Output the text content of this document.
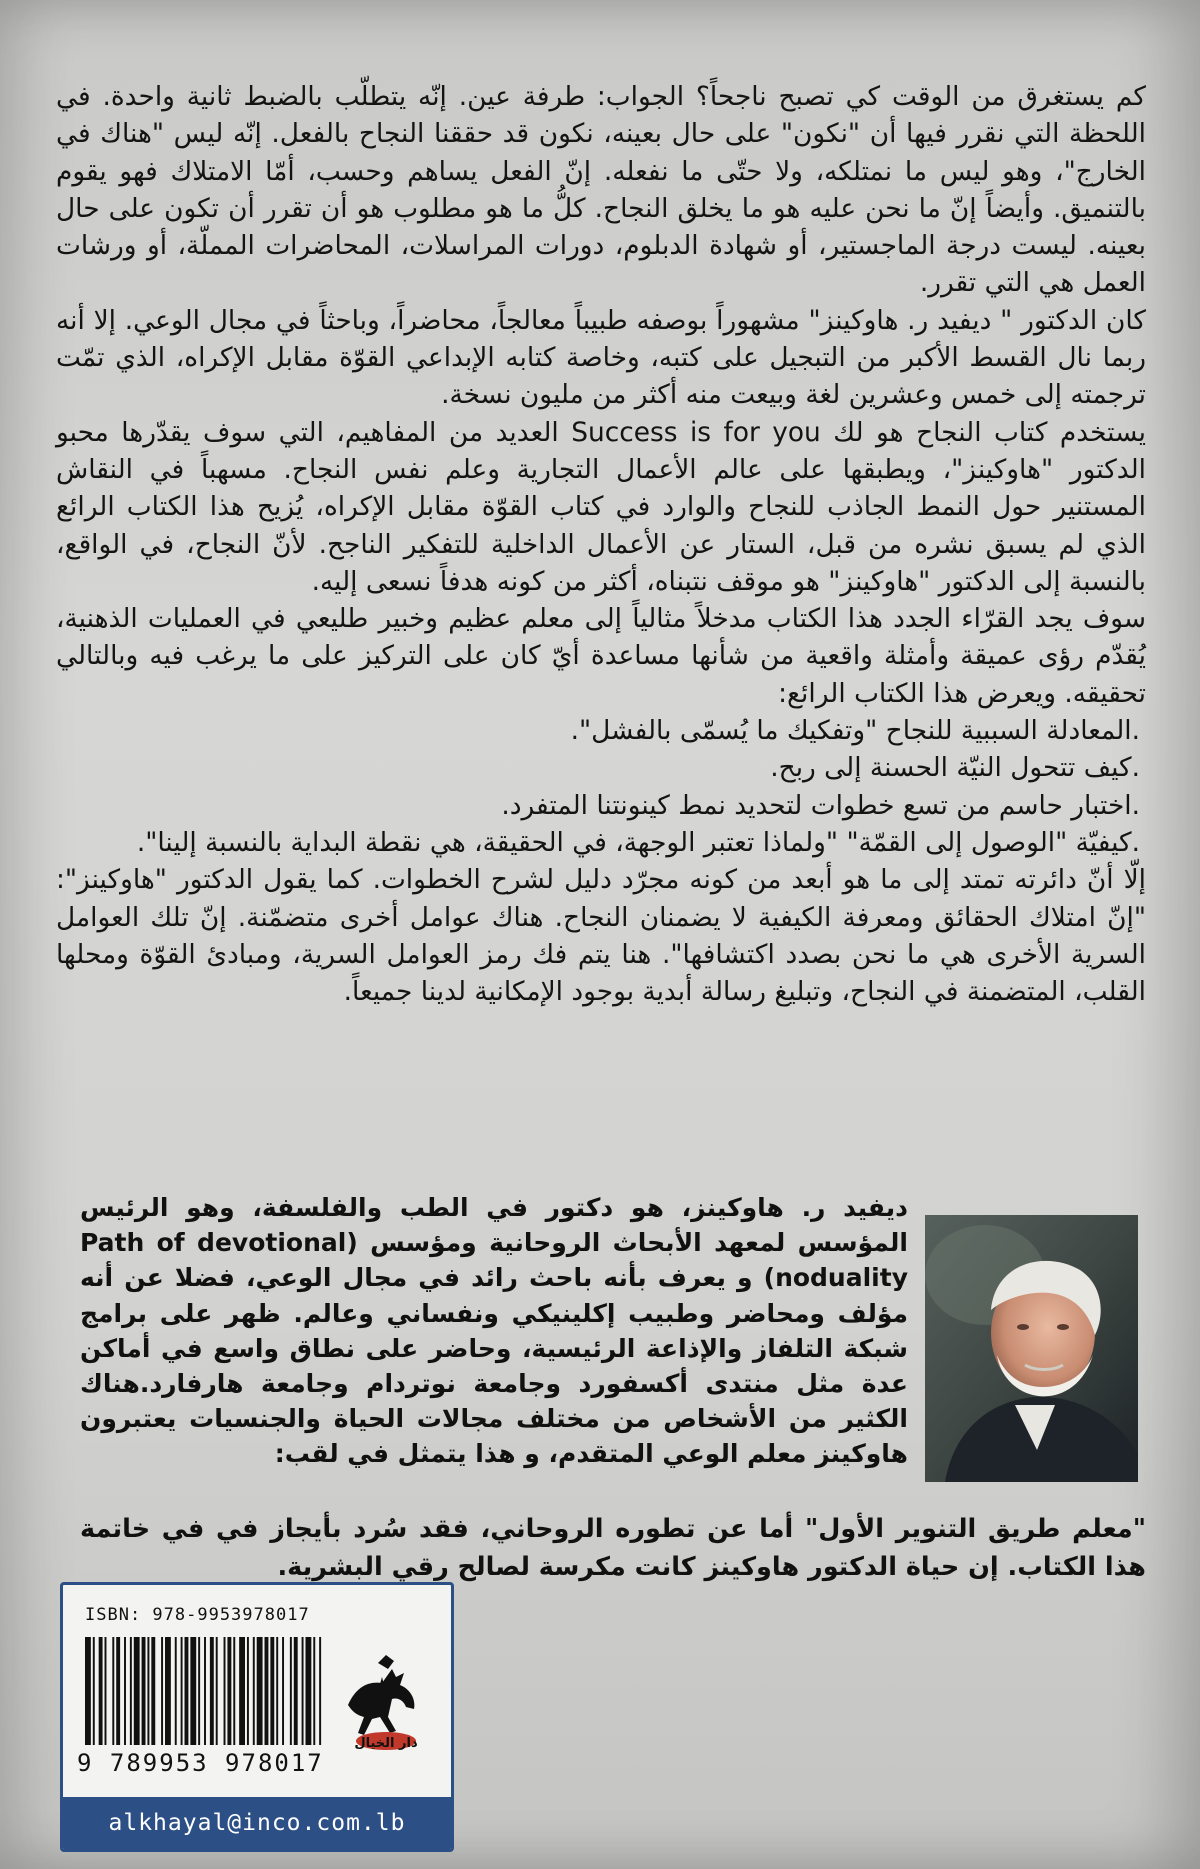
كم يستغرق من الوقت كي تصبح ناجحاً؟ الجواب: طرفة عين. إنّه يتطلّب بالضبط ثانية واحدة. في اللحظة التي نقرر فيها أن "نكون" على حال بعينه، نكون قد حققنا النجاح بالفعل. إنّه ليس "هناك في الخارج"، وهو ليس ما نمتلكه، ولا حتّى ما نفعله. إنّ الفعل يساهم وحسب، أمّا الامتلاك فهو يقوم بالتنميق. وأيضاً إنّ ما نحن عليه هو ما يخلق النجاح. كلُّ ما هو مطلوب هو أن تقرر أن تكون على حال بعينه. ليست درجة الماجستير، أو شهادة الدبلوم، دورات المراسلات، المحاضرات المملّة، أو ورشات العمل هي التي تقرر.

كان الدكتور " ديفيد ر. هاوكينز" مشهوراً بوصفه طبيباً معالجاً، محاضراً، وباحثاً في مجال الوعي. إلا أنه ربما نال القسط الأكبر من التبجيل على كتبه، وخاصة كتابه الإبداعي القوّة مقابل الإكراه، الذي تمّت ترجمته إلى خمس وعشرين لغة وبيعت منه أكثر من مليون نسخة.

يستخدم كتاب النجاح هو لك Success is for you العديد من المفاهيم، التي سوف يقدّرها محبو الدكتور "هاوكينز"، ويطبقها على عالم الأعمال التجارية وعلم نفس النجاح. مسهباً في النقاش المستنير حول النمط الجاذب للنجاح والوارد في كتاب القوّة مقابل الإكراه، يُزيح هذا الكتاب الرائع الذي لم يسبق نشره من قبل، الستار عن الأعمال الداخلية للتفكير الناجح. لأنّ النجاح، في الواقع، بالنسبة إلى الدكتور "هاوكينز" هو موقف نتبناه، أكثر من كونه هدفاً نسعى إليه.

سوف يجد القرّاء الجدد هذا الكتاب مدخلاً مثالياً إلى معلم عظيم وخبير طليعي في العمليات الذهنية، يُقدّم رؤى عميقة وأمثلة واقعية من شأنها مساعدة أيّ كان على التركيز على ما يرغب فيه وبالتالي تحقيقه. ويعرض هذا الكتاب الرائع:

.المعادلة السببية للنجاح "وتفكيك ما يُسمّى بالفشل".

.كيف تتحول النيّة الحسنة إلى ربح.

.اختبار حاسم من تسع خطوات لتحديد نمط كينونتنا المتفرد.

.كيفيّة "الوصول إلى القمّة" "ولماذا تعتبر الوجهة، في الحقيقة، هي نقطة البداية بالنسبة إلينا".

إلّا أنّ دائرته تمتد إلى ما هو أبعد من كونه مجرّد دليل لشرح الخطوات. كما يقول الدكتور "هاوكينز": "إنّ امتلاك الحقائق ومعرفة الكيفية لا يضمنان النجاح. هناك عوامل أخرى متضمّنة. إنّ تلك العوامل السرية الأخرى هي ما نحن بصدد اكتشافها". هنا يتم فك رمز العوامل السرية، ومبادئ القوّة ومحلها القلب، المتضمنة في النجاح، وتبليغ رسالة أبدية بوجود الإمكانية لدينا جميعاً.

ديفيد ر. هاوكينز، هو دكتور في الطب والفلسفة، وهو الرئيس المؤسس لمعهد الأبحاث الروحانية ومؤسس (Path of devotional noduality) و يعرف بأنه باحث رائد في مجال الوعي، فضلا عن أنه مؤلف ومحاضر وطبيب إكلينيكي ونفساني وعالم. ظهر على برامج شبكة التلفاز والإذاعة الرئيسية، وحاضر على نطاق واسع في أماكن عدة مثل منتدى أكسفورد وجامعة نوتردام وجامعة هارفارد.هناك الكثير من الأشخاص من مختلف مجالات الحياة والجنسيات يعتبرون هاوكينز معلم الوعي المتقدم، و هذا يتمثل في لقب:

"معلم طريق التنوير الأول" أما عن تطوره الروحاني، فقد سُرد بأيجاز في في خاتمة هذا الكتاب. إن حياة الدكتور هاوكينز كانت مكرسة لصالح رقي البشرية.

ISBN: 978-9953978017
9 789953 978017
دار الخيال
alkhayal@inco.com.lb
